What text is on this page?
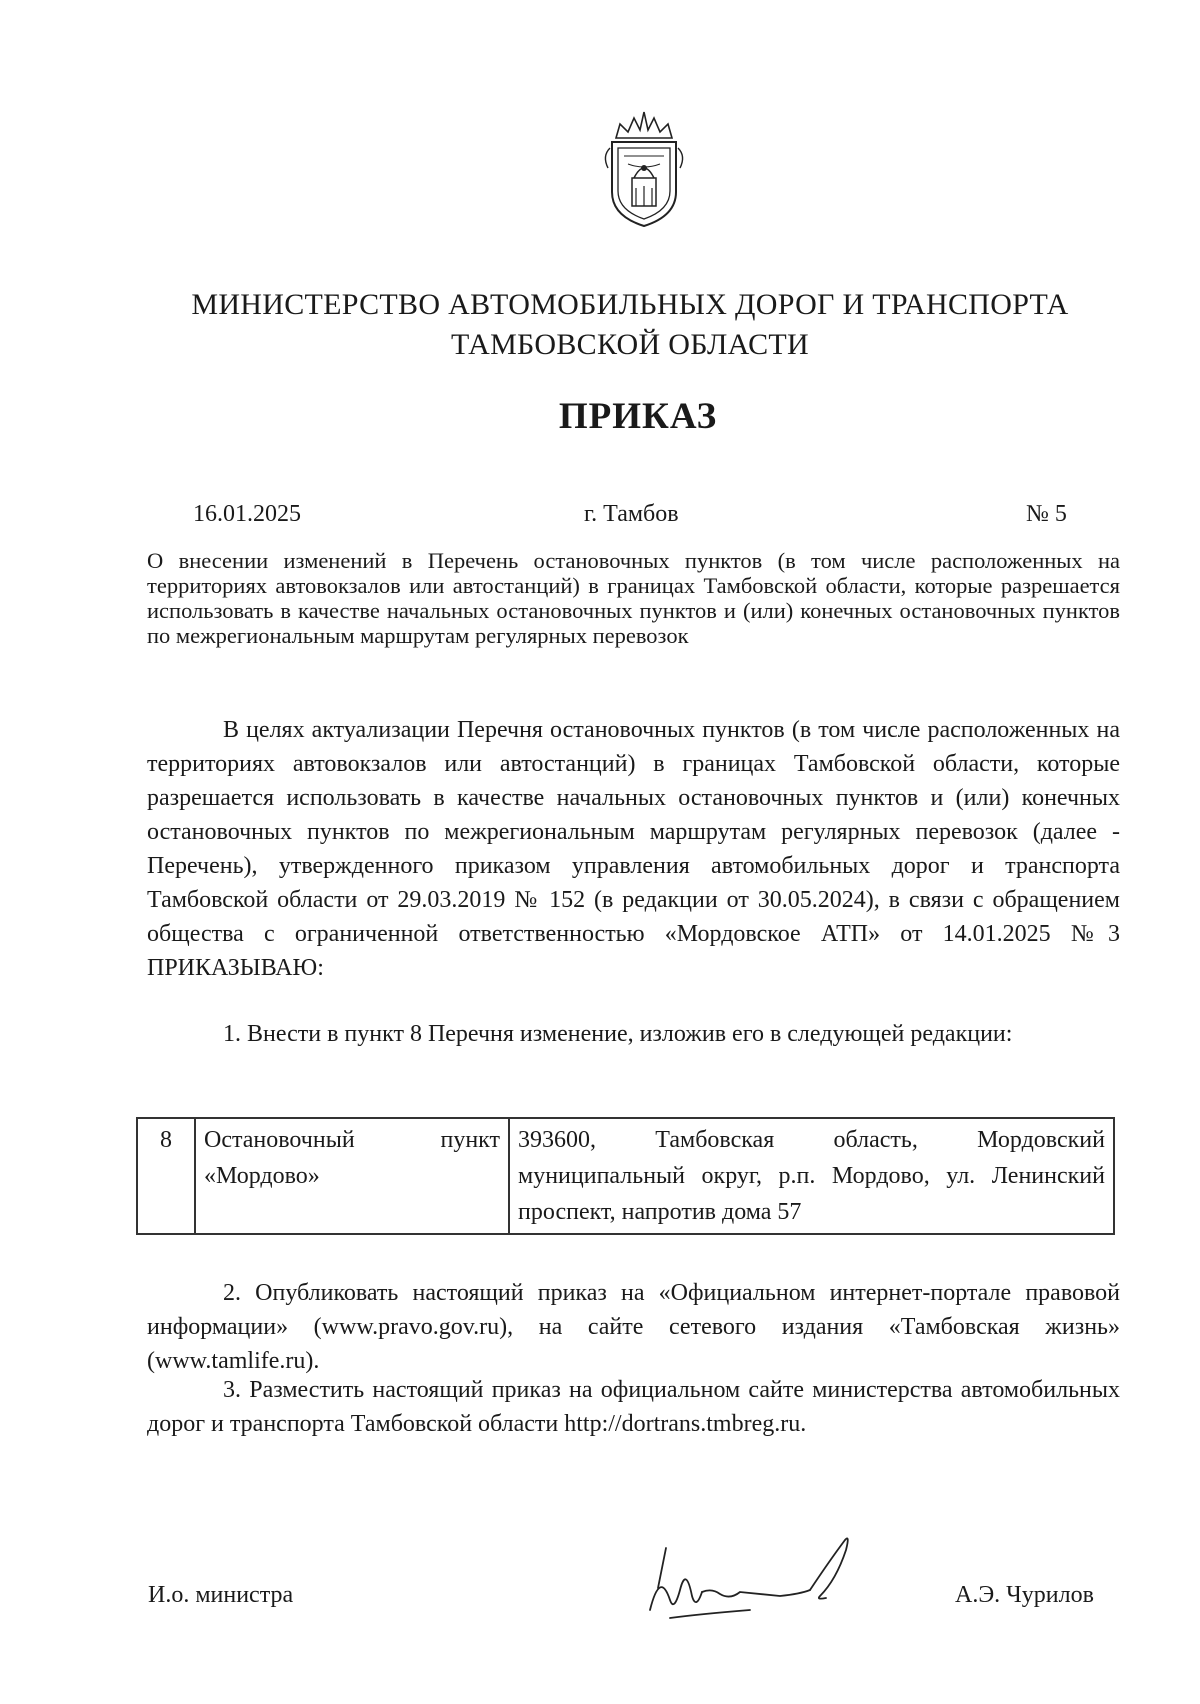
МИНИСТЕРСТВО АВТОМОБИЛЬНЫХ ДОРОГ И ТРАНСПОРТА
ТАМБОВСКОЙ ОБЛАСТИ
ПРИКАЗ
16.01.2025	г. Тамбов	№ 5
О внесении изменений в Перечень остановочных пунктов (в том числе расположенных на территориях автовокзалов или автостанций) в границах Тамбовской области, которые разрешается использовать в качестве начальных остановочных пунктов и (или) конечных остановочных пунктов по межрегиональным маршрутам регулярных перевозок

В целях актуализации Перечня остановочных пунктов (в том числе расположенных на территориях автовокзалов или автостанций) в границах Тамбовской области, которые разрешается использовать в качестве начальных остановочных пунктов и (или) конечных остановочных пунктов по межрегиональным маршрутам регулярных перевозок (далее - Перечень), утвержденного приказом управления автомобильных дорог и транспорта Тамбовской области от 29.03.2019 № 152 (в редакции от 30.05.2024), в связи с обращением общества с ограниченной ответственностью «Мордовское АТП» от 14.01.2025 №3 ПРИКАЗЫВАЮ:

1. Внести в пункт 8 Перечня изменение, изложив его в следующей редакции:

8	Остановочный пункт «Мордово»	393600, Тамбовская область, Мордовский муниципальный округ, р.п. Мордово, ул. Ленинский проспект, напротив дома 57

2. Опубликовать настоящий приказ на «Официальном интернет-портале правовой информации» (www.pravo.gov.ru), на сайте сетевого издания «Тамбовская жизнь» (www.tamlife.ru).

3. Разместить настоящий приказ на официальном сайте министерства автомобильных дорог и транспорта Тамбовской области http://dortrans.tmbreg.ru.

И.о. министра	А.Э. Чурилов
